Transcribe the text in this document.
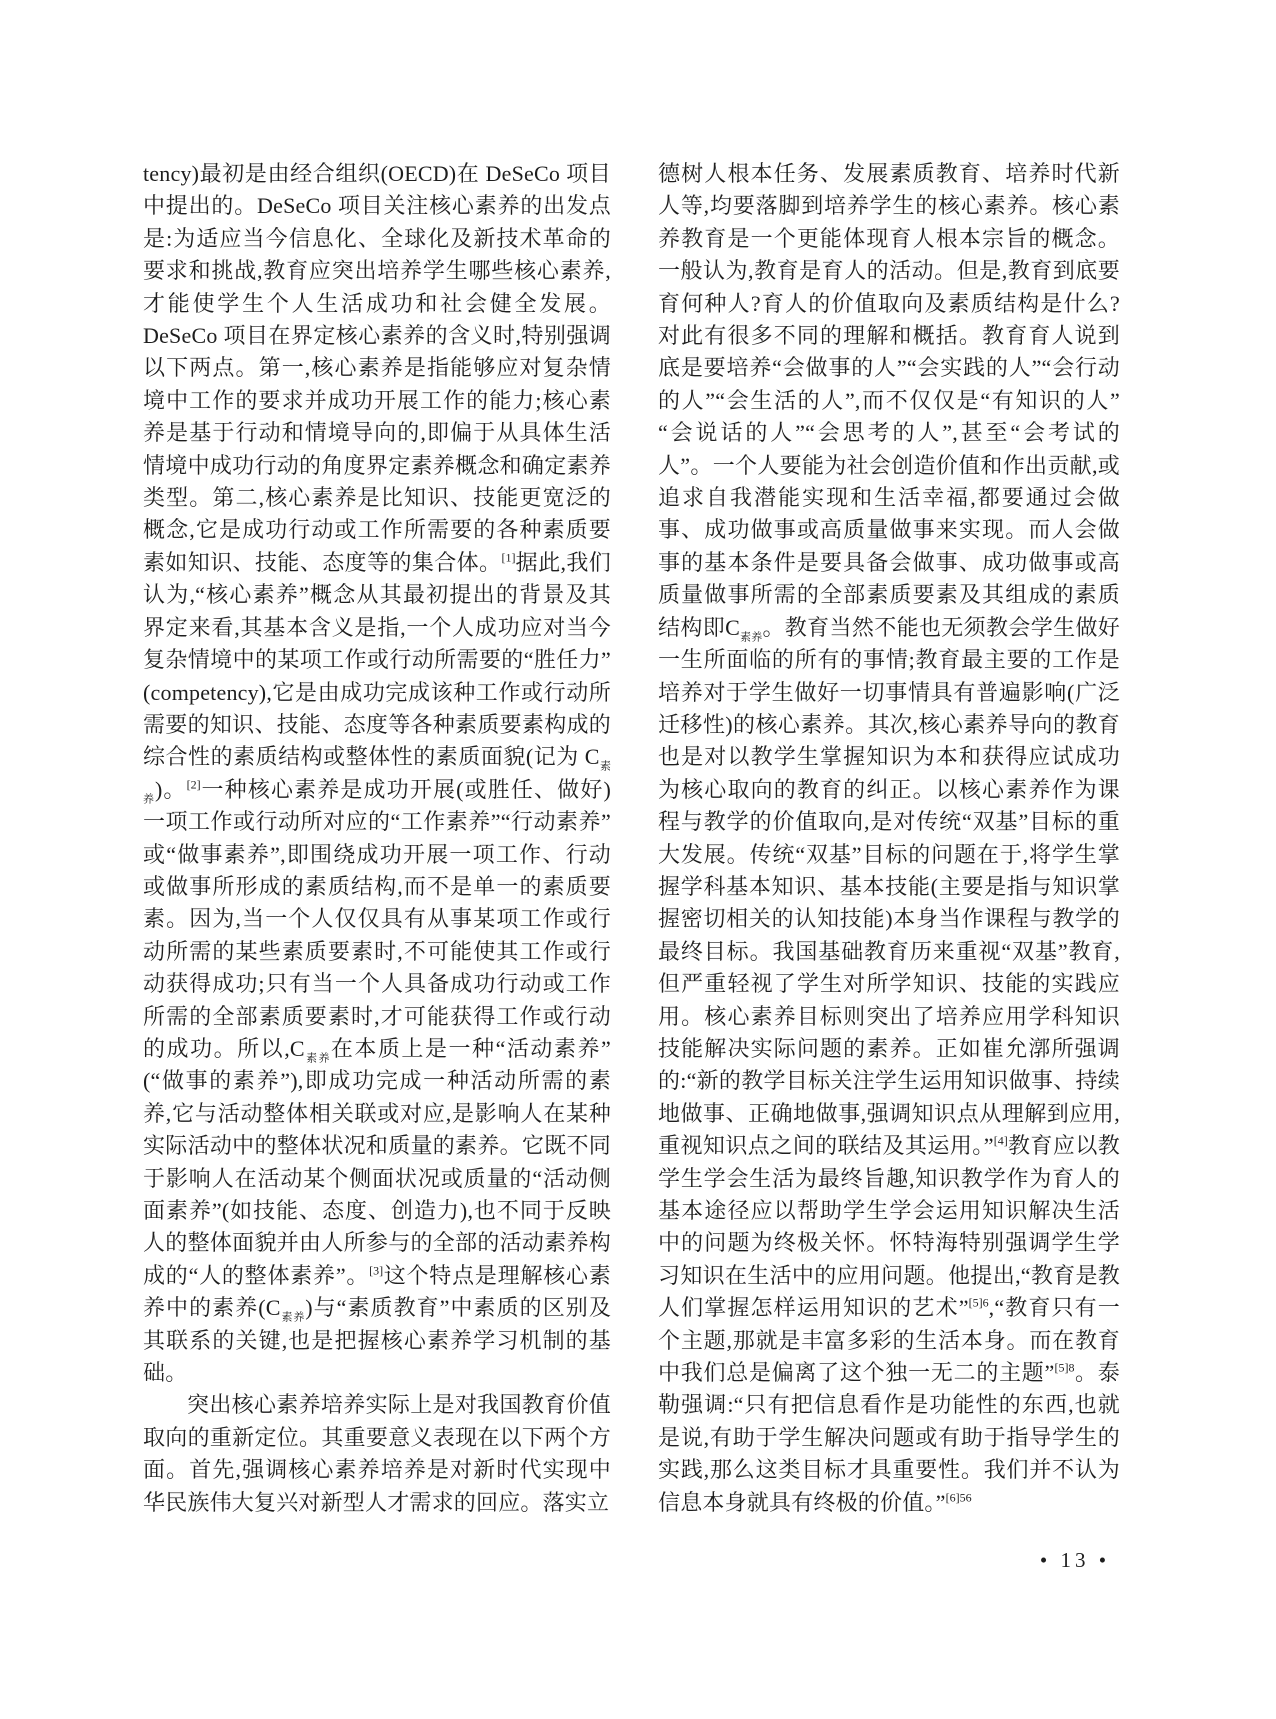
tency)最初是由经合组织(OECD)在 DeSeCo 项目中提出的。DeSeCo 项目关注核心素养的出发点是:为适应当今信息化、全球化及新技术革命的要求和挑战,教育应突出培养学生哪些核心素养,才能使学生个人生活成功和社会健全发展。DeSeCo 项目在界定核心素养的含义时,特别强调以下两点。第一,核心素养是指能够应对复杂情境中工作的要求并成功开展工作的能力;核心素养是基于行动和情境导向的,即偏于从具体生活情境中成功行动的角度界定素养概念和确定素养类型。第二,核心素养是比知识、技能更宽泛的概念,它是成功行动或工作所需要的各种素质要素如知识、技能、态度等的集合体。[1]据此,我们认为,“核心素养”概念从其最初提出的背景及其界定来看,其基本含义是指,一个人成功应对当今复杂情境中的某项工作或行动所需要的“胜任力”(competency),它是由成功完成该种工作或行动所需要的知识、技能、态度等各种素质要素构成的综合性的素质结构或整体性的素质面貌(记为 $C_{素养}$)。[2]一种核心素养是成功开展(或胜任、做好)一项工作或行动所对应的“工作素养”“行动素养”或“做事素养”,即围绕成功开展一项工作、行动或做事所形成的素质结构,而不是单一的素质要素。因为,当一个人仅仅具有从事某项工作或行动所需的某些素质要素时,不可能使其工作或行动获得成功;只有当一个人具备成功行动或工作所需的全部素质要素时,才可能获得工作或行动的成功。所以$,C_{素养}$在本质上是一种“活动素养”(“做事的素养”),即成功完成一种活动所需的素养,它与活动整体相关联或对应,是影响人在某种实际活动中的整体状况和质量的素养。它既不同于影响人在活动某个侧面状况或质量的“活动侧面素养”(如技能、态度、创造力),也不同于反映人的整体面貌并由人所参与的全部的活动素养构成的“人的整体素养”。[3]这个特点是理解核心素养中的素养$(C_{素养})$与“素质教育”中素质的区别及其联系的关键,也是把握核心素养学习机制的基础。

突出核心素养培养实际上是对我国教育价值取向的重新定位。其重要意义表现在以下两个方面。首先,强调核心素养培养是对新时代实现中华民族伟大复兴对新型人才需求的回应。落实立

德树人根本任务、发展素质教育、培养时代新人等,均要落脚到培养学生的核心素养。核心素养教育是一个更能体现育人根本宗旨的概念。一般认为,教育是育人的活动。但是,教育到底要育何种人?育人的价值取向及素质结构是什么?对此有很多不同的理解和概括。教育育人说到底是要培养“会做事的人”“会实践的人”“会行动的人”“会生活的人”,而不仅仅是“有知识的人”“会说话的人”“会思考的人”,甚至“会考试的人”。一个人要能为社会创造价值和作出贡献,或追求自我潜能实现和生活幸福,都要通过会做事、成功做事或高质量做事来实现。而人会做事的基本条件是要具备会做事、成功做事或高质量做事所需的全部素质要素及其组成的素质结构即$C_{素养}$。教育当然不能也无须教会学生做好一生所面临的所有的事情;教育最主要的工作是培养对于学生做好一切事情具有普遍影响(广泛迁移性)的核心素养。其次,核心素养导向的教育也是对以教学生掌握知识为本和获得应试成功为核心取向的教育的纠正。以核心素养作为课程与教学的价值取向,是对传统“双基”目标的重大发展。传统“双基”目标的问题在于,将学生掌握学科基本知识、基本技能(主要是指与知识掌握密切相关的认知技能)本身当作课程与教学的最终目标。我国基础教育历来重视“双基”教育,但严重轻视了学生对所学知识、技能的实践应用。核心素养目标则突出了培养应用学科知识技能解决实际问题的素养。正如崔允漷所强调的:“新的教学目标关注学生运用知识做事、持续地做事、正确地做事,强调知识点从理解到应用,重视知识点之间的联结及其运用。”[4]教育应以教学生学会生活为最终旨趣,知识教学作为育人的基本途径应以帮助学生学会运用知识解决生活中的问题为终极关怀。怀特海特别强调学生学习知识在生活中的应用问题。他提出,“教育是教人们掌握怎样运用知识的艺术”$^{[5]6}$,“教育只有一个主题,那就是丰富多彩的生活本身。而在教育中我们总是偏离了这个独一无二的主题”$^{[5]8}$。泰勒强调:“只有把信息看作是功能性的东西,也就是说,有助于学生解决问题或有助于指导学生的实践,那么这类目标才具重要性。我们并不认为信息本身就具有终极的价值。”$^{[6]56}$

• 13 •
